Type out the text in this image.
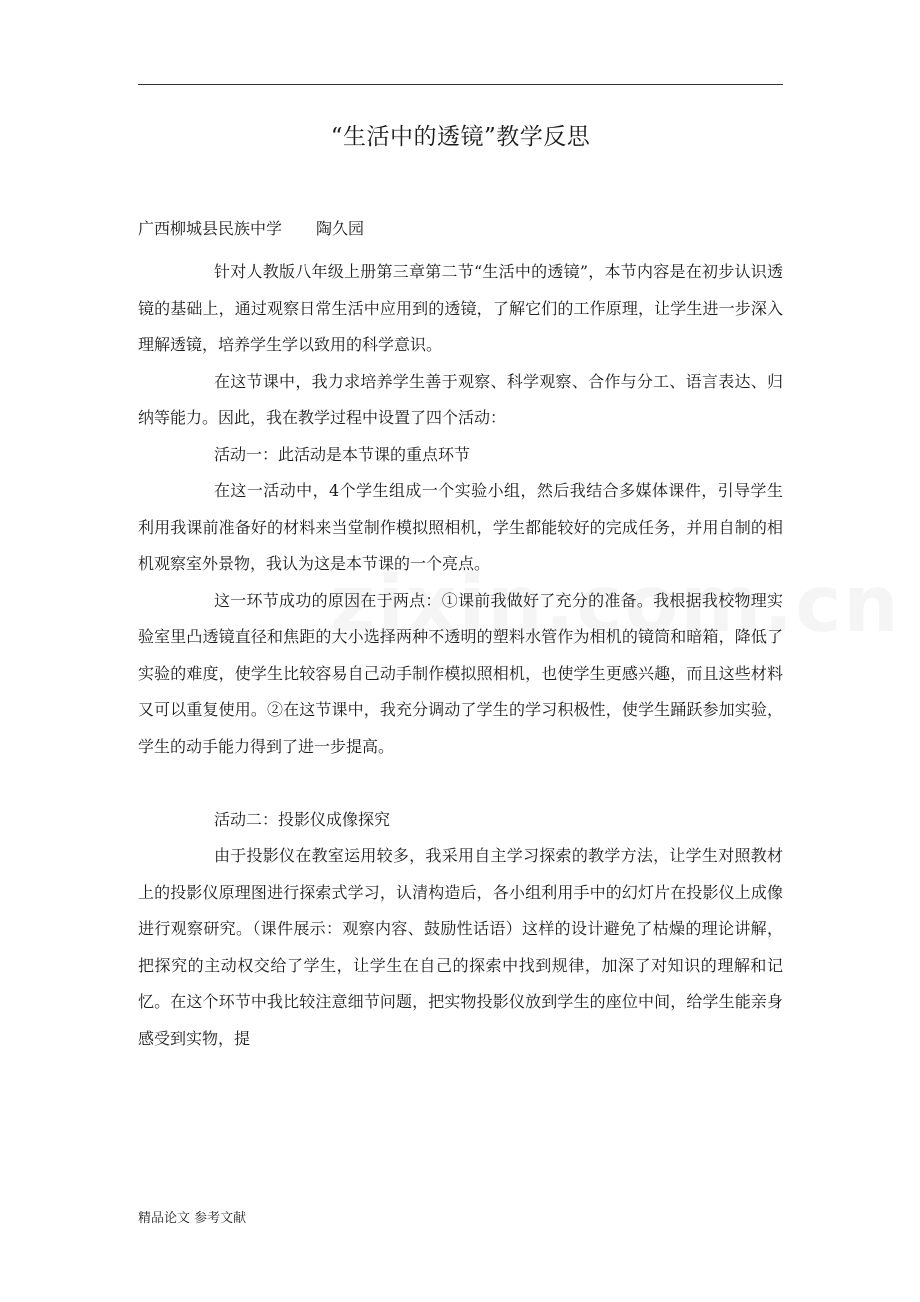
“生活中的透镜”教学反思
广西柳城县民族中学 陶久园

针对人教版八年级上册第三章第二节“生活中的透镜”，本节内容是在初步认识透镜的基础上，通过观察日常生活中应用到的透镜，了解它们的工作原理，让学生进一步深入理解透镜，培养学生学以致用的科学意识。

在这节课中，我力求培养学生善于观察、科学观察、合作与分工、语言表达、归纳等能力。因此，我在教学过程中设置了四个活动：

活动一：此活动是本节课的重点环节

在这一活动中，4个学生组成一个实验小组，然后我结合多媒体课件，引导学生利用我课前准备好的材料来当堂制作模拟照相机，学生都能较好的完成任务，并用自制的相机观察室外景物，我认为这是本节课的一个亮点。

这一环节成功的原因在于两点：①课前我做好了充分的准备。我根据我校物理实验室里凸透镜直径和焦距的大小选择两种不透明的塑料水管作为相机的镜筒和暗箱，降低了实验的难度，使学生比较容易自己动手制作模拟照相机，也使学生更感兴趣，而且这些材料又可以重复使用。②在这节课中，我充分调动了学生的学习积极性，使学生踊跃参加实验，学生的动手能力得到了进一步提高。

活动二：投影仪成像探究

由于投影仪在教室运用较多，我采用自主学习探索的教学方法，让学生对照教材上的投影仪原理图进行探索式学习，认清构造后，各小组利用手中的幻灯片在投影仪上成像进行观察研究。（课件展示：观察内容、鼓励性话语）这样的设计避免了枯燥的理论讲解，把探究的主动权交给了学生，让学生在自己的探索中找到规律，加深了对知识的理解和记忆。在这个环节中我比较注意细节问题，把实物投影仪放到学生的座位中间，给学生能亲身感受到实物，提

精品论文 参考文献
